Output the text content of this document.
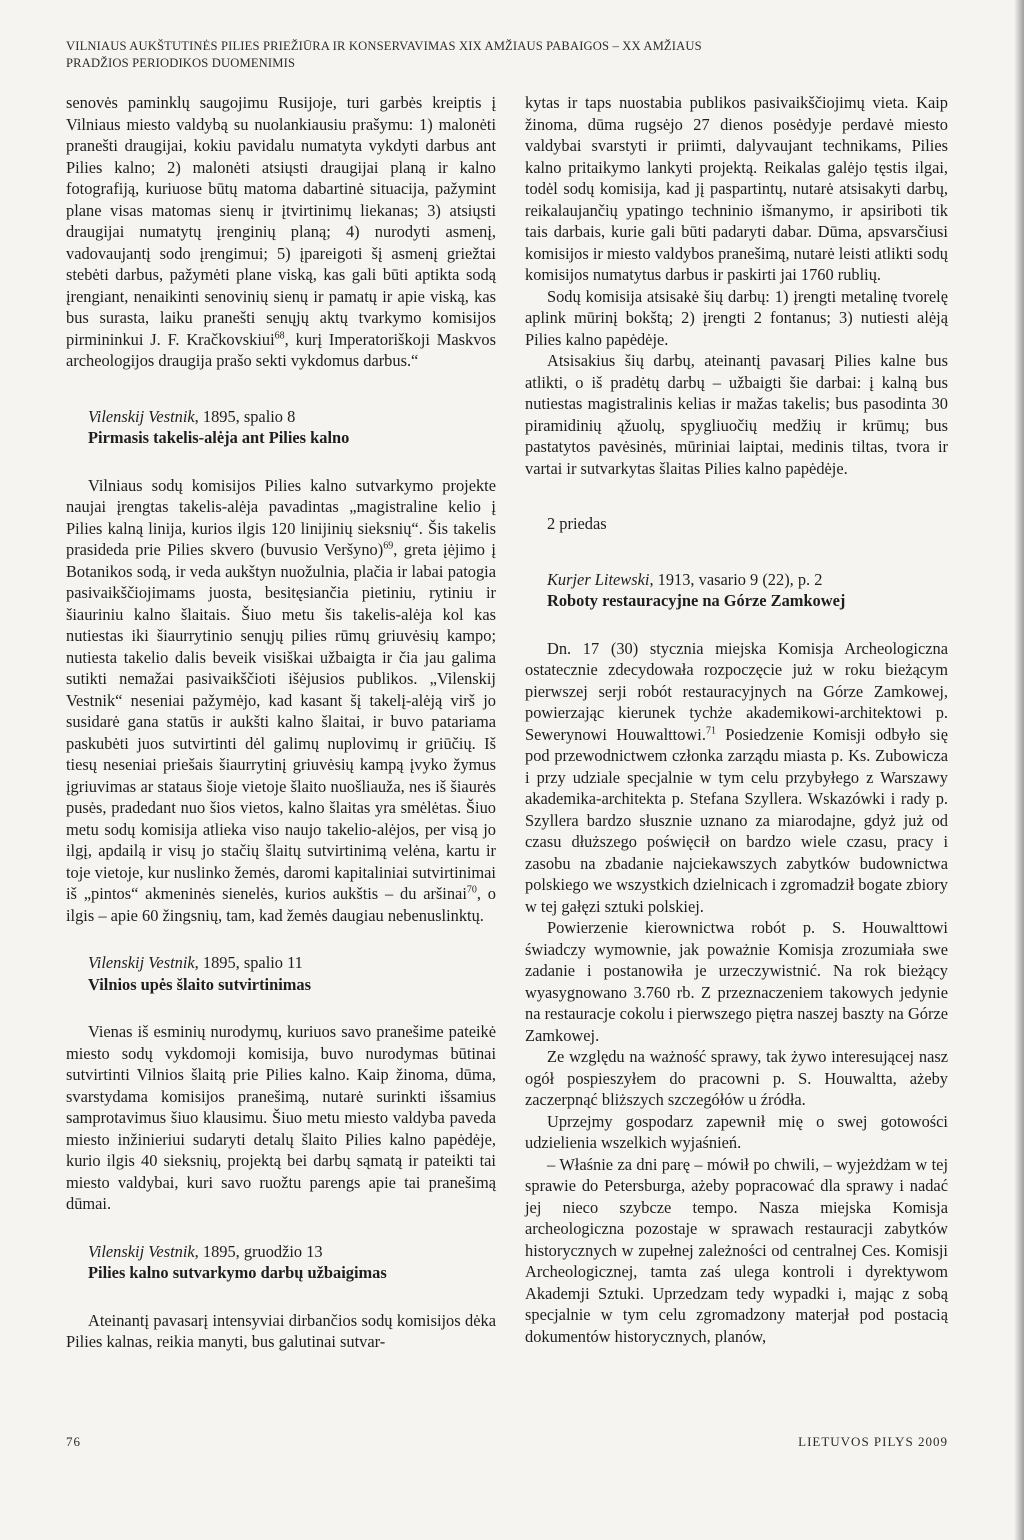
VILNIAUS AUKŠTUTINĖS PILIES PRIEŽIŪRA IR KONSERVAVIMAS XIX AMŽIAUS PABAIGOS – XX AMŽIAUS
PRADŽIOS PERIODIKOS DUOMENIMIS

senovės paminklų saugojimu Rusijoje, turi garbės kreiptis į Vilniaus miesto valdybą su nuolankiausiu prašymu: 1) malonėti pranešti draugijai, kokiu pavidalu numatyta vykdyti darbus ant Pilies kalno; 2) malonėti atsiųsti draugijai planą ir kalno fotografiją, kuriuose būtų matoma dabartinė situacija, pažymint plane visas matomas sienų ir įtvirtinimų liekanas; 3) atsiųsti draugijai numatytų įrenginių planą; 4) nurodyti asmenį, vadovaujantį sodo įrengimui; 5) įpareigoti šį asmenį griežtai stebėti darbus, pažymėti plane viską, kas gali būti aptikta sodą įrengiant, nenaikinti senovinių sienų ir pamatų ir apie viską, kas bus surasta, laiku pranešti senųjų aktų tvarkymo komisijos pirmininkui J. F. Kračkovskiui$^{68}$, kurį Imperatoriškoji Maskvos archeologijos draugija prašo sekti vykdomus darbus.“

Vilenskij Vestnik, 1895, spalio 8

Pirmasis takelis-alėja ant Pilies kalno

Vilniaus sodų komisijos Pilies kalno sutvarkymo projekte naujai įrengtas takelis-alėja pavadintas „magistraline kelio į Pilies kalną linija, kurios ilgis 120 linijinių sieksnių“. Šis takelis prasideda prie Pilies skvero (buvusio Veršyno)$^{69}$, greta įėjimo į Botanikos sodą, ir veda aukštyn nuožulnia, plačia ir labai patogia pasivaikščiojimams juosta, besitęsiančia pietiniu, rytiniu ir šiauriniu kalno šlaitais. Šiuo metu šis takelis-alėja kol kas nutiestas iki šiaurrytinio senųjų pilies rūmų griuvėsių kampo; nutiesta takelio dalis beveik visiškai užbaigta ir čia jau galima sutikti nemažai pasivaikščioti išėjusios publikos. „Vilenskij Vestnik“ neseniai pažymėjo, kad kasant šį takelį-alėją virš jo susidarė gana statūs ir aukšti kalno šlaitai, ir buvo patariama paskubėti juos sutvirtinti dėl galimų nuplovimų ir griūčių. Iš tiesų neseniai priešais šiaurrytinį griuvėsių kampą įvyko žymus įgriuvimas ar stataus šioje vietoje šlaito nuošliauža, nes iš šiaurės pusės, pradedant nuo šios vietos, kalno šlaitas yra smėlėtas. Šiuo metu sodų komisija atlieka viso naujo takelio-alėjos, per visą jo ilgį, apdailą ir visų jo stačių šlaitų sutvirtinimą velėna, kartu ir toje vietoje, kur nuslinko žemės, daromi kapitaliniai sutvirtinimai iš „pintos“ akmeninės sienelės, kurios aukštis – du aršinai$^{70}$, o ilgis – apie 60 žingsnių, tam, kad žemės daugiau nebenuslinktų.

Vilenskij Vestnik, 1895, spalio 11

Vilnios upės šlaito sutvirtinimas

Vienas iš esminių nurodymų, kuriuos savo pranešime pateikė miesto sodų vykdomoji komisija, buvo nurodymas būtinai sutvirtinti Vilnios šlaitą prie Pilies kalno. Kaip žinoma, dūma, svarstydama komisijos pranešimą, nutarė surinkti išsamius samprotavimus šiuo klausimu. Šiuo metu miesto valdyba paveda miesto inžinieriui sudaryti detalų šlaito Pilies kalno papėdėje, kurio ilgis 40 sieksnių, projektą bei darbų sąmatą ir pateikti tai miesto valdybai, kuri savo ruožtu parengs apie tai pranešimą dūmai.

Vilenskij Vestnik, 1895, gruodžio 13

Pilies kalno sutvarkymo darbų užbaigimas

Ateinantį pavasarį intensyviai dirbančios sodų komisijos dėka Pilies kalnas, reikia manyti, bus galutinai sutvar-

kytas ir taps nuostabia publikos pasivaikščiojimų vieta. Kaip žinoma, dūma rugsėjo 27 dienos posėdyje perdavė miesto valdybai svarstyti ir priimti, dalyvaujant technikams, Pilies kalno pritaikymo lankyti projektą. Reikalas galėjo tęstis ilgai, todėl sodų komisija, kad jį paspartintų, nutarė atsisakyti darbų, reikalaujančių ypatingo techninio išmanymo, ir apsiriboti tik tais darbais, kurie gali būti padaryti dabar. Dūma, apsvarsčiusi komisijos ir miesto valdybos pranešimą, nutarė leisti atlikti sodų komisijos numatytus darbus ir paskirti jai 1760 rublių.

Sodų komisija atsisakė šių darbų: 1) įrengti metalinę tvorelę aplink mūrinį bokštą; 2) įrengti 2 fontanus; 3) nutiesti alėją Pilies kalno papėdėje.

Atsisakius šių darbų, ateinantį pavasarį Pilies kalne bus atlikti, o iš pradėtų darbų – užbaigti šie darbai: į kalną bus nutiestas magistralinis kelias ir mažas takelis; bus pasodinta 30 piramidinių ąžuolų, spygliuočių medžių ir krūmų; bus pastatytos pavėsinės, mūriniai laiptai, medinis tiltas, tvora ir vartai ir sutvarkytas šlaitas Pilies kalno papėdėje.

2 priedas

Kurjer Litewski, 1913, vasario 9 (22), p. 2

Roboty restauracyjne na Górze Zamkowej

Dn. 17 (30) stycznia miejska Komisja Archeologiczna ostatecznie zdecydowała rozpoczęcie już w roku bieżącym pierwszej serji robót restauracyjnych na Górze Zamkowej, powierzając kierunek tychże akademikowi-architektowi p. Sewerynowi Houwalttowi.$^{71}$ Posiedzenie Komisji odbyło się pod przewodnictwem członka zarządu miasta p. Ks. Zubowicza i przy udziale specjalnie w tym celu przybyłego z Warszawy akademika-architekta p. Stefana Szyllera. Wskazówki i rady p. Szyllera bardzo słusznie uznano za miarodajne, gdyż już od czasu dłuższego poświęcił on bardzo wiele czasu, pracy i zasobu na zbadanie najciekawszych zabytków budownictwa polskiego we wszystkich dzielnicach i zgromadził bogate zbiory w tej gałęzi sztuki polskiej.

Powierzenie kierownictwa robót p. S. Houwalttowi świadczy wymownie, jak poważnie Komisja zrozumiała swe zadanie i postanowiła je urzeczywistnić. Na rok bieżący wyasygnowano 3.760 rb. Z przeznaczeniem takowych jedynie na restauracje cokolu i pierwszego piętra naszej baszty na Górze Zamkowej.

Ze względu na ważność sprawy, tak żywo interesującej nasz ogół pospieszyłem do pracowni p. S. Houwaltta, ażeby zaczerpnąć bliższych szczegółów u źródła.

Uprzejmy gospodarz zapewnił mię o swej gotowości udzielienia wszelkich wyjaśnień.

– Właśnie za dni parę – mówił po chwili, – wyjeżdżam w tej sprawie do Petersburga, ażeby popracować dla sprawy i nadać jej nieco szybcze tempo. Nasza miejska Komisja archeologiczna pozostaje w sprawach restauracji zabytków historycznych w zupełnej zależności od centralnej Ces. Komisji Archeologicznej, tamta zaś ulega kontroli i dyrektywom Akademji Sztuki. Uprzedzam tedy wypadki i, mając z sobą specjalnie w tym celu zgromadzony materjał pod postacią dokumentów historycznych, planów,

76	LIETUVOS PILYS 2009
